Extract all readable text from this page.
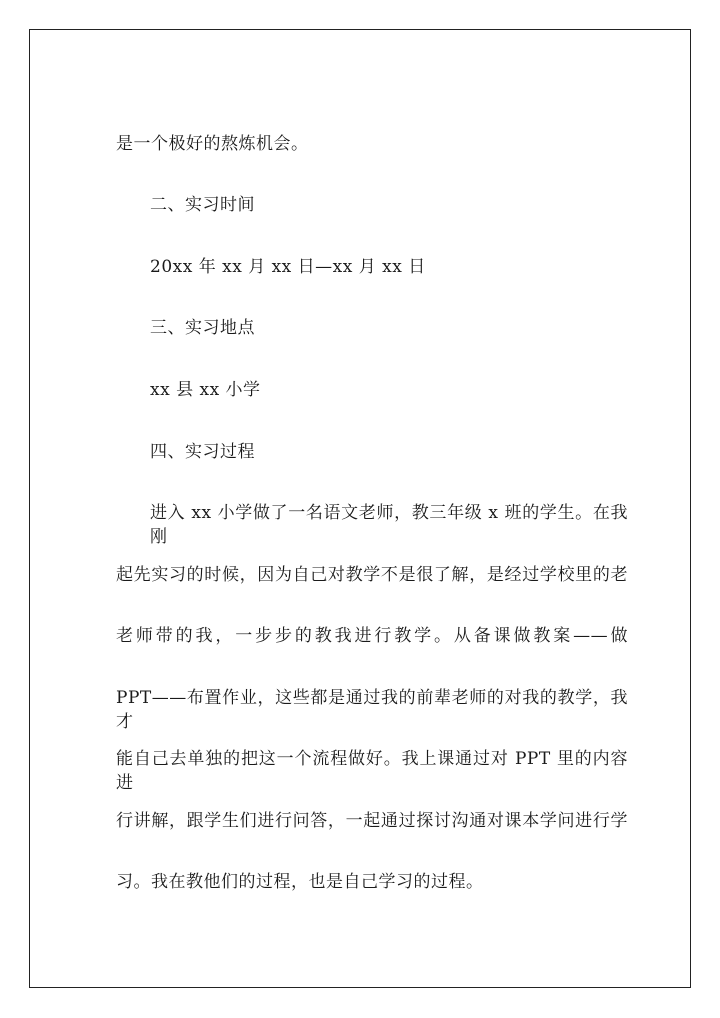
是一个极好的熬炼机会。
二、实习时间
20xx 年 xx 月 xx 日—xx 月 xx 日
三、实习地点
xx 县 xx 小学
四、实习过程
进入 xx 小学做了一名语文老师，教三年级 x 班的学生。在我刚
起先实习的时候，因为自己对教学不是很了解，是经过学校里的老
老师带的我，一步步的教我进行教学。从备课做教案——做
PPT——布置作业，这些都是通过我的前辈老师的对我的教学，我才
能自己去单独的把这一个流程做好。我上课通过对 PPT 里的内容进
行讲解，跟学生们进行问答，一起通过探讨沟通对课本学问进行学
习。我在教他们的过程，也是自己学习的过程。
